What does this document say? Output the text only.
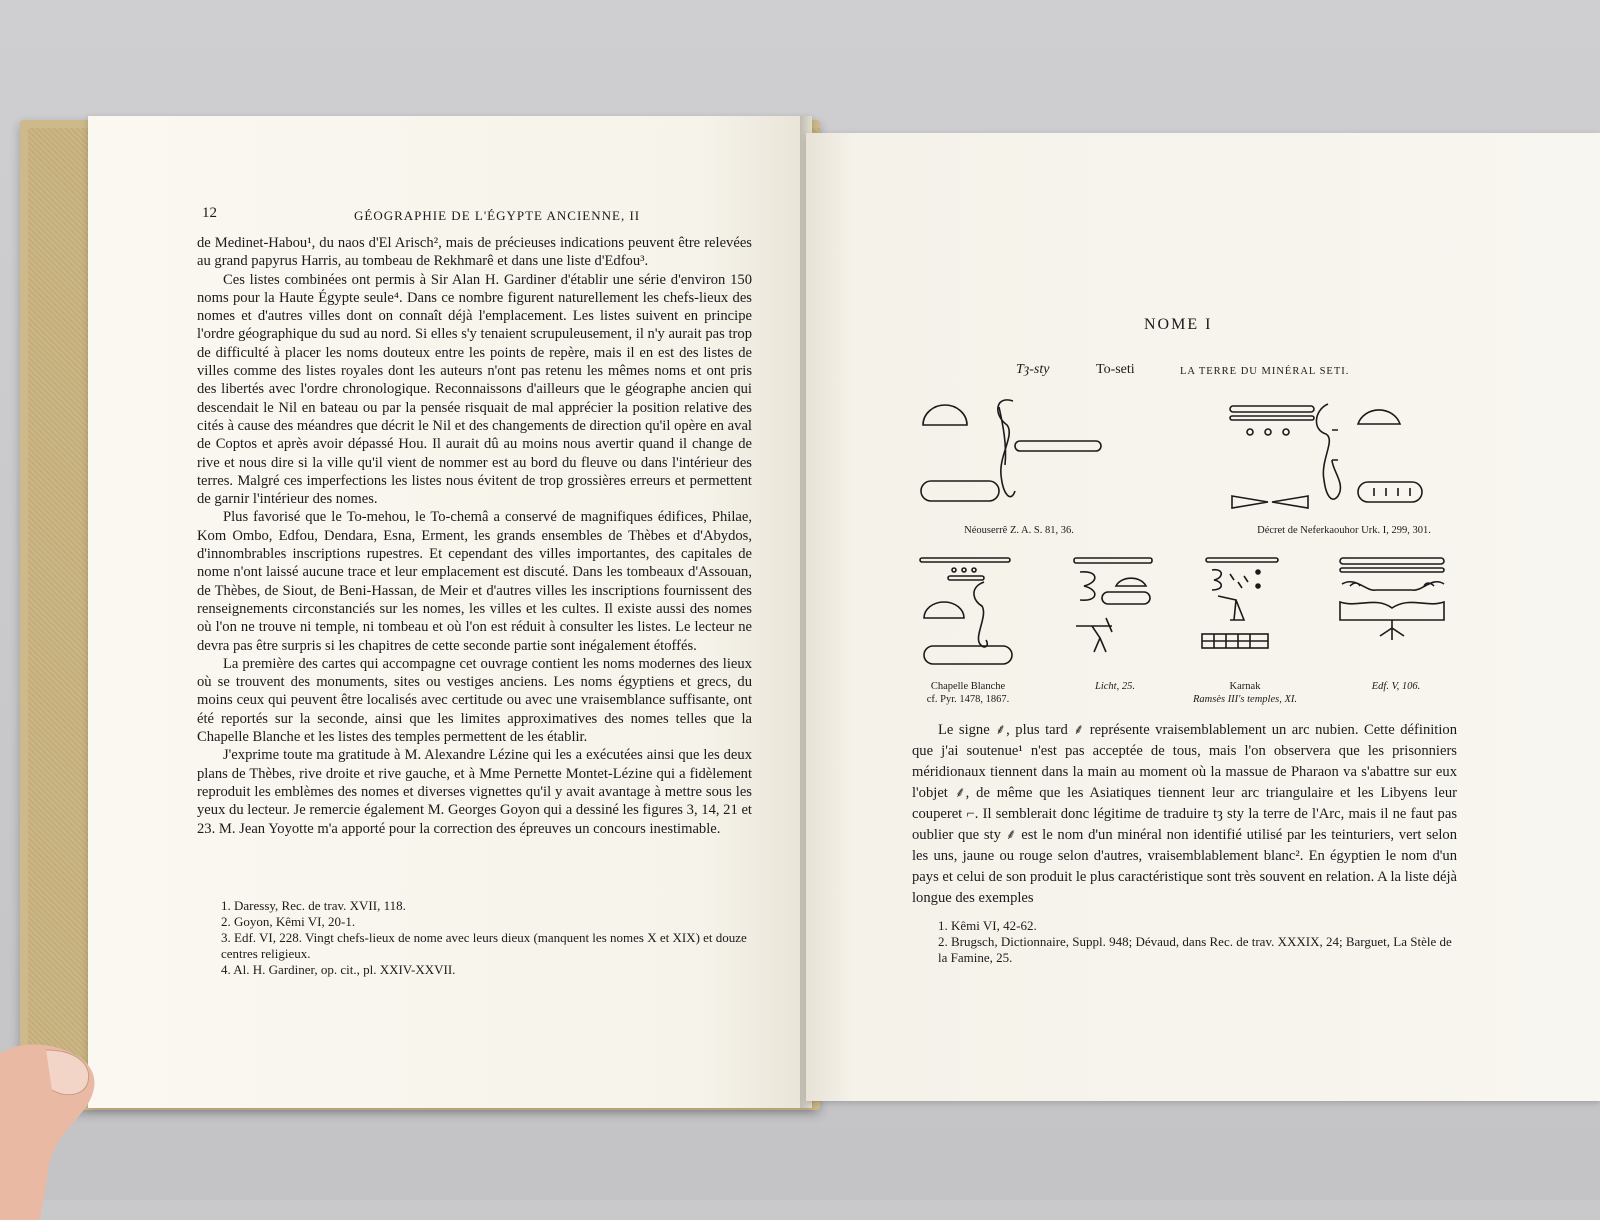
12	GÉOGRAPHIE DE L'ÉGYPTE ANCIENNE, II

de Medinet-Habou¹, du naos d'El Arisch², mais de précieuses indications peuvent être relevées au grand papyrus Harris, au tombeau de Rekhmarê et dans une liste d'Edfou³.

Ces listes combinées ont permis à Sir Alan H. Gardiner d'établir une série d'environ 150 noms pour la Haute Égypte seule⁴. Dans ce nombre figurent naturellement les chefs-lieux des nomes et d'autres villes dont on connaît déjà l'emplacement. Les listes suivent en principe l'ordre géographique du sud au nord. Si elles s'y tenaient scrupuleusement, il n'y aurait pas trop de difficulté à placer les noms douteux entre les points de repère, mais il en est des listes de villes comme des listes royales dont les auteurs n'ont pas retenu les mêmes noms et ont pris des libertés avec l'ordre chronologique. Reconnaissons d'ailleurs que le géographe ancien qui descendait le Nil en bateau ou par la pensée risquait de mal apprécier la position relative des cités à cause des méandres que décrit le Nil et des changements de direction qu'il opère en aval de Coptos et après avoir dépassé Hou. Il aurait dû au moins nous avertir quand il change de rive et nous dire si la ville qu'il vient de nommer est au bord du fleuve ou dans l'intérieur des terres. Malgré ces imperfections les listes nous évitent de trop grossières erreurs et permettent de garnir l'intérieur des nomes.

Plus favorisé que le To-mehou, le To-chemâ a conservé de magnifiques édifices, Philae, Kom Ombo, Edfou, Dendara, Esna, Erment, les grands ensembles de Thèbes et d'Abydos, d'innombrables inscriptions rupestres. Et cependant des villes importantes, des capitales de nome n'ont laissé aucune trace et leur emplacement est discuté. Dans les tombeaux d'Assouan, de Thèbes, de Siout, de Beni-Hassan, de Meir et d'autres villes les inscriptions fournissent des renseignements circonstanciés sur les nomes, les villes et les cultes. Il existe aussi des nomes où l'on ne trouve ni temple, ni tombeau et où l'on est réduit à consulter les listes. Le lecteur ne devra pas être surpris si les chapitres de cette seconde partie sont inégalement étoffés.

La première des cartes qui accompagne cet ouvrage contient les noms modernes des lieux où se trouvent des monuments, sites ou vestiges anciens. Les noms égyptiens et grecs, du moins ceux qui peuvent être localisés avec certitude ou avec une vraisemblance suffisante, ont été reportés sur la seconde, ainsi que les limites approximatives des nomes telles que la Chapelle Blanche et les listes des temples permettent de les établir.

J'exprime toute ma gratitude à M. Alexandre Lézine qui les a exécutées ainsi que les deux plans de Thèbes, rive droite et rive gauche, et à Mme Pernette Montet-Lézine qui a fidèlement reproduit les emblèmes des nomes et diverses vignettes qu'il y avait avantage à mettre sous les yeux du lecteur. Je remercie également M. Georges Goyon qui a dessiné les figures 3, 14, 21 et 23. M. Jean Yoyotte m'a apporté pour la correction des épreuves un concours inestimable.

1. Daressy, Rec. de trav. XVII, 118.
2. Goyon, Kêmi VI, 20-1.
3. Edf. VI, 228. Vingt chefs-lieux de nome avec leurs dieux (manquent les nomes X et XIX) et douze centres religieux.
4. Al. H. Gardiner, op. cit., pl. XXIV-XXVII.
NOME I
Tȝ-sty	To-seti	LA TERRE DU MINÉRAL SETI.
Néouserrê Z. A. S. 81, 36.	Décret de Neferkaouhor Urk. I, 299, 301.
Chapelle Blanche
cf. Pyr. 1478, 1867.
Licht, 25.	Karnak
Ramsès III's temples, XI.
Edf. V, 106.

Le signe ⸙, plus tard ⸙ représente vraisemblablement un arc nubien. Cette définition que j'ai soutenue¹ n'est pas acceptée de tous, mais l'on observera que les prisonniers méridionaux tiennent dans la main au moment où la massue de Pharaon va s'abattre sur eux l'objet ⸙, de même que les Asiatiques tiennent leur arc triangulaire et les Libyens leur couperet ⌐. Il semblerait donc légitime de traduire tȝ sty la terre de l'Arc, mais il ne faut pas oublier que sty ⸙ est le nom d'un minéral non identifié utilisé par les teinturiers, vert selon les uns, jaune ou rouge selon d'autres, vraisemblablement blanc². En égyptien le nom d'un pays et celui de son produit le plus caractéristique sont très souvent en relation. A la liste déjà longue des exemples

1. Kêmi VI, 42-62.
2. Brugsch, Dictionnaire, Suppl. 948; Dévaud, dans Rec. de trav. XXXIX, 24; Barguet, La Stèle de la Famine, 25.
